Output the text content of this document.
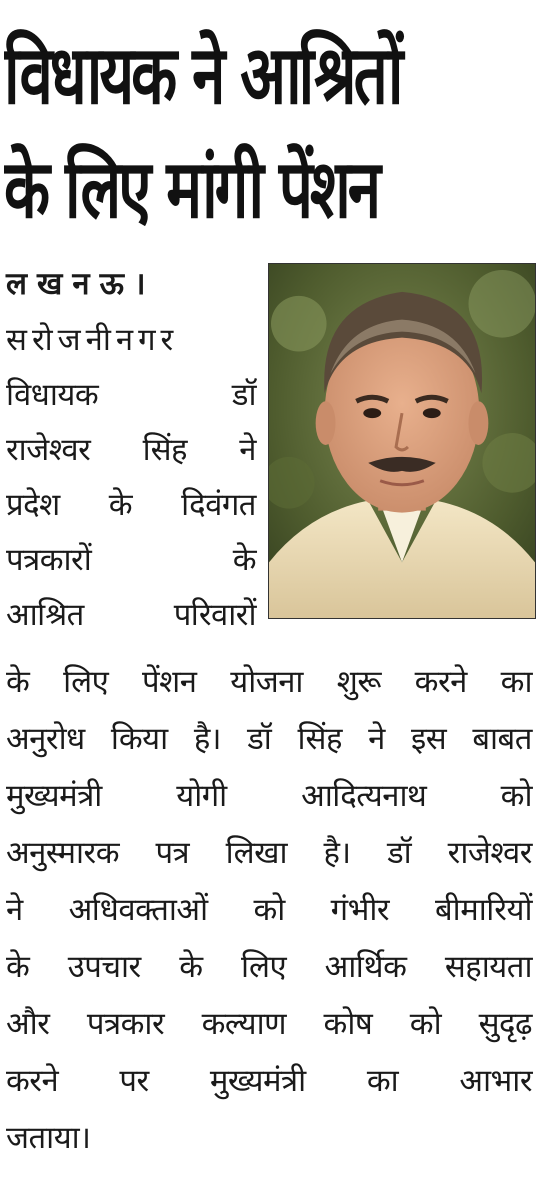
विधायक ने आश्रितों
के लिए मांगी पेंशन
लखनऊ।
सरोजनीनगर
विधायक	डॉ
राजेश्वर सिंह ने
प्रदेश के दिवंगत
पत्रकारों	के
आश्रित	परिवारों
के लिए पेंशन योजना शुरू करने का
अनुरोध किया है। डॉ सिंह ने इस बाबत
मुख्यमंत्री योगी आदित्यनाथ को
अनुस्मारक पत्र लिखा है। डॉ राजेश्वर
ने अधिवक्ताओं को गंभीर बीमारियों
के उपचार के लिए आर्थिक सहायता
और पत्रकार कल्याण कोष को सुदृढ़
करने पर मुख्यमंत्री का आभार
जताया।
